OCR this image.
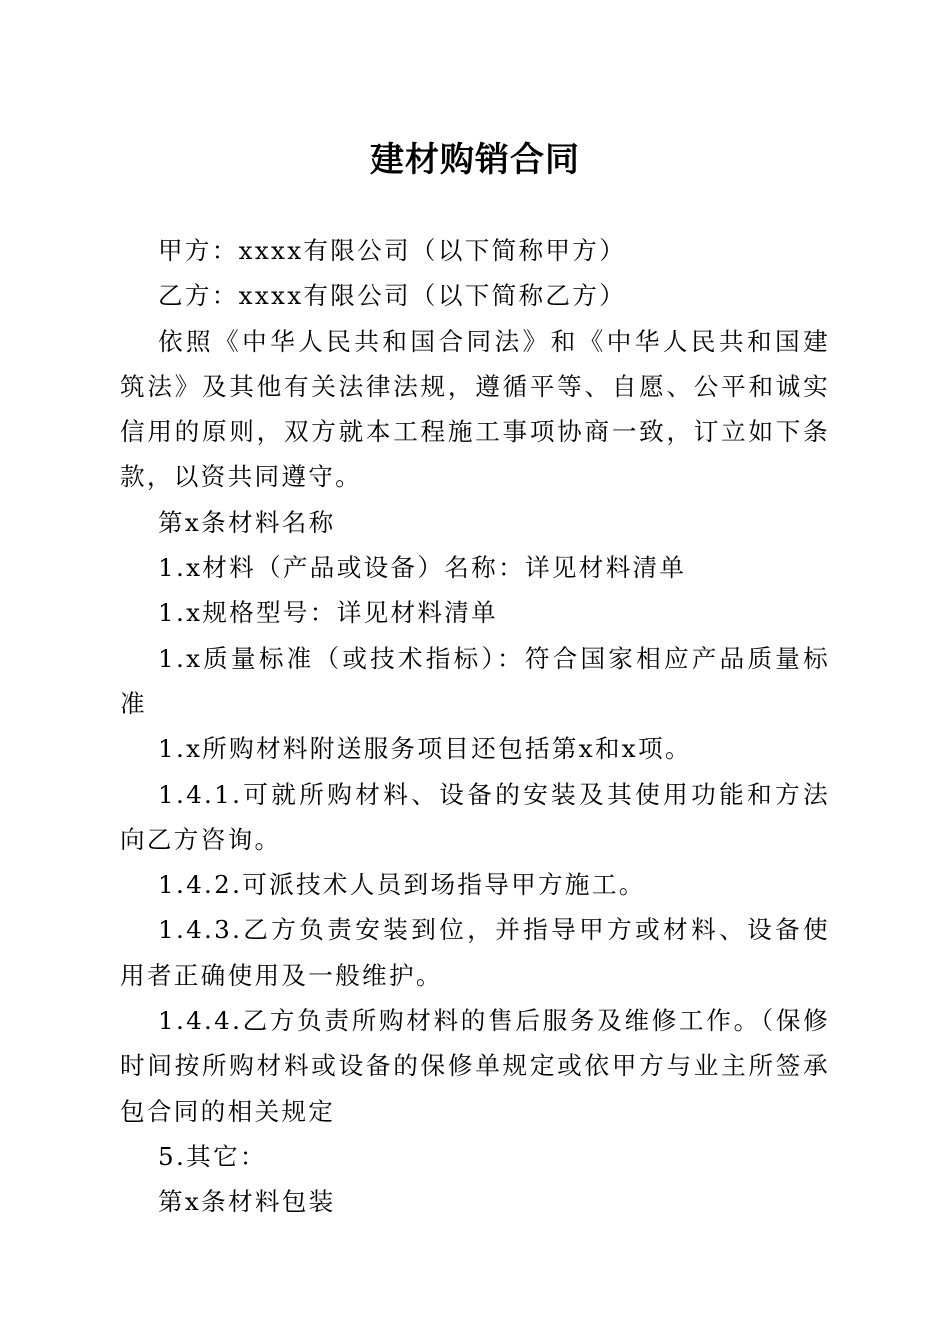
建材购销合同

甲方：xxxx有限公司（以下简称甲方）

乙方：xxxx有限公司（以下简称乙方）

依照《中华人民共和国合同法》和《中华人民共和国建筑法》及其他有关法律法规，遵循平等、自愿、公平和诚实信用的原则，双方就本工程施工事项协商一致，订立如下条款，以资共同遵守。

第x条材料名称

1.x材料（产品或设备）名称：详见材料清单

1.x规格型号：详见材料清单

1.x质量标准（或技术指标）：符合国家相应产品质量标准

1.x所购材料附送服务项目还包括第x和x项。

1.4.1.可就所购材料、设备的安装及其使用功能和方法向乙方咨询。

1.4.2.可派技术人员到场指导甲方施工。

1.4.3.乙方负责安装到位，并指导甲方或材料、设备使用者正确使用及一般维护。

1.4.4.乙方负责所购材料的售后服务及维修工作。（保修时间按所购材料或设备的保修单规定或依甲方与业主所签承包合同的相关规定

5.其它：

第x条材料包装
